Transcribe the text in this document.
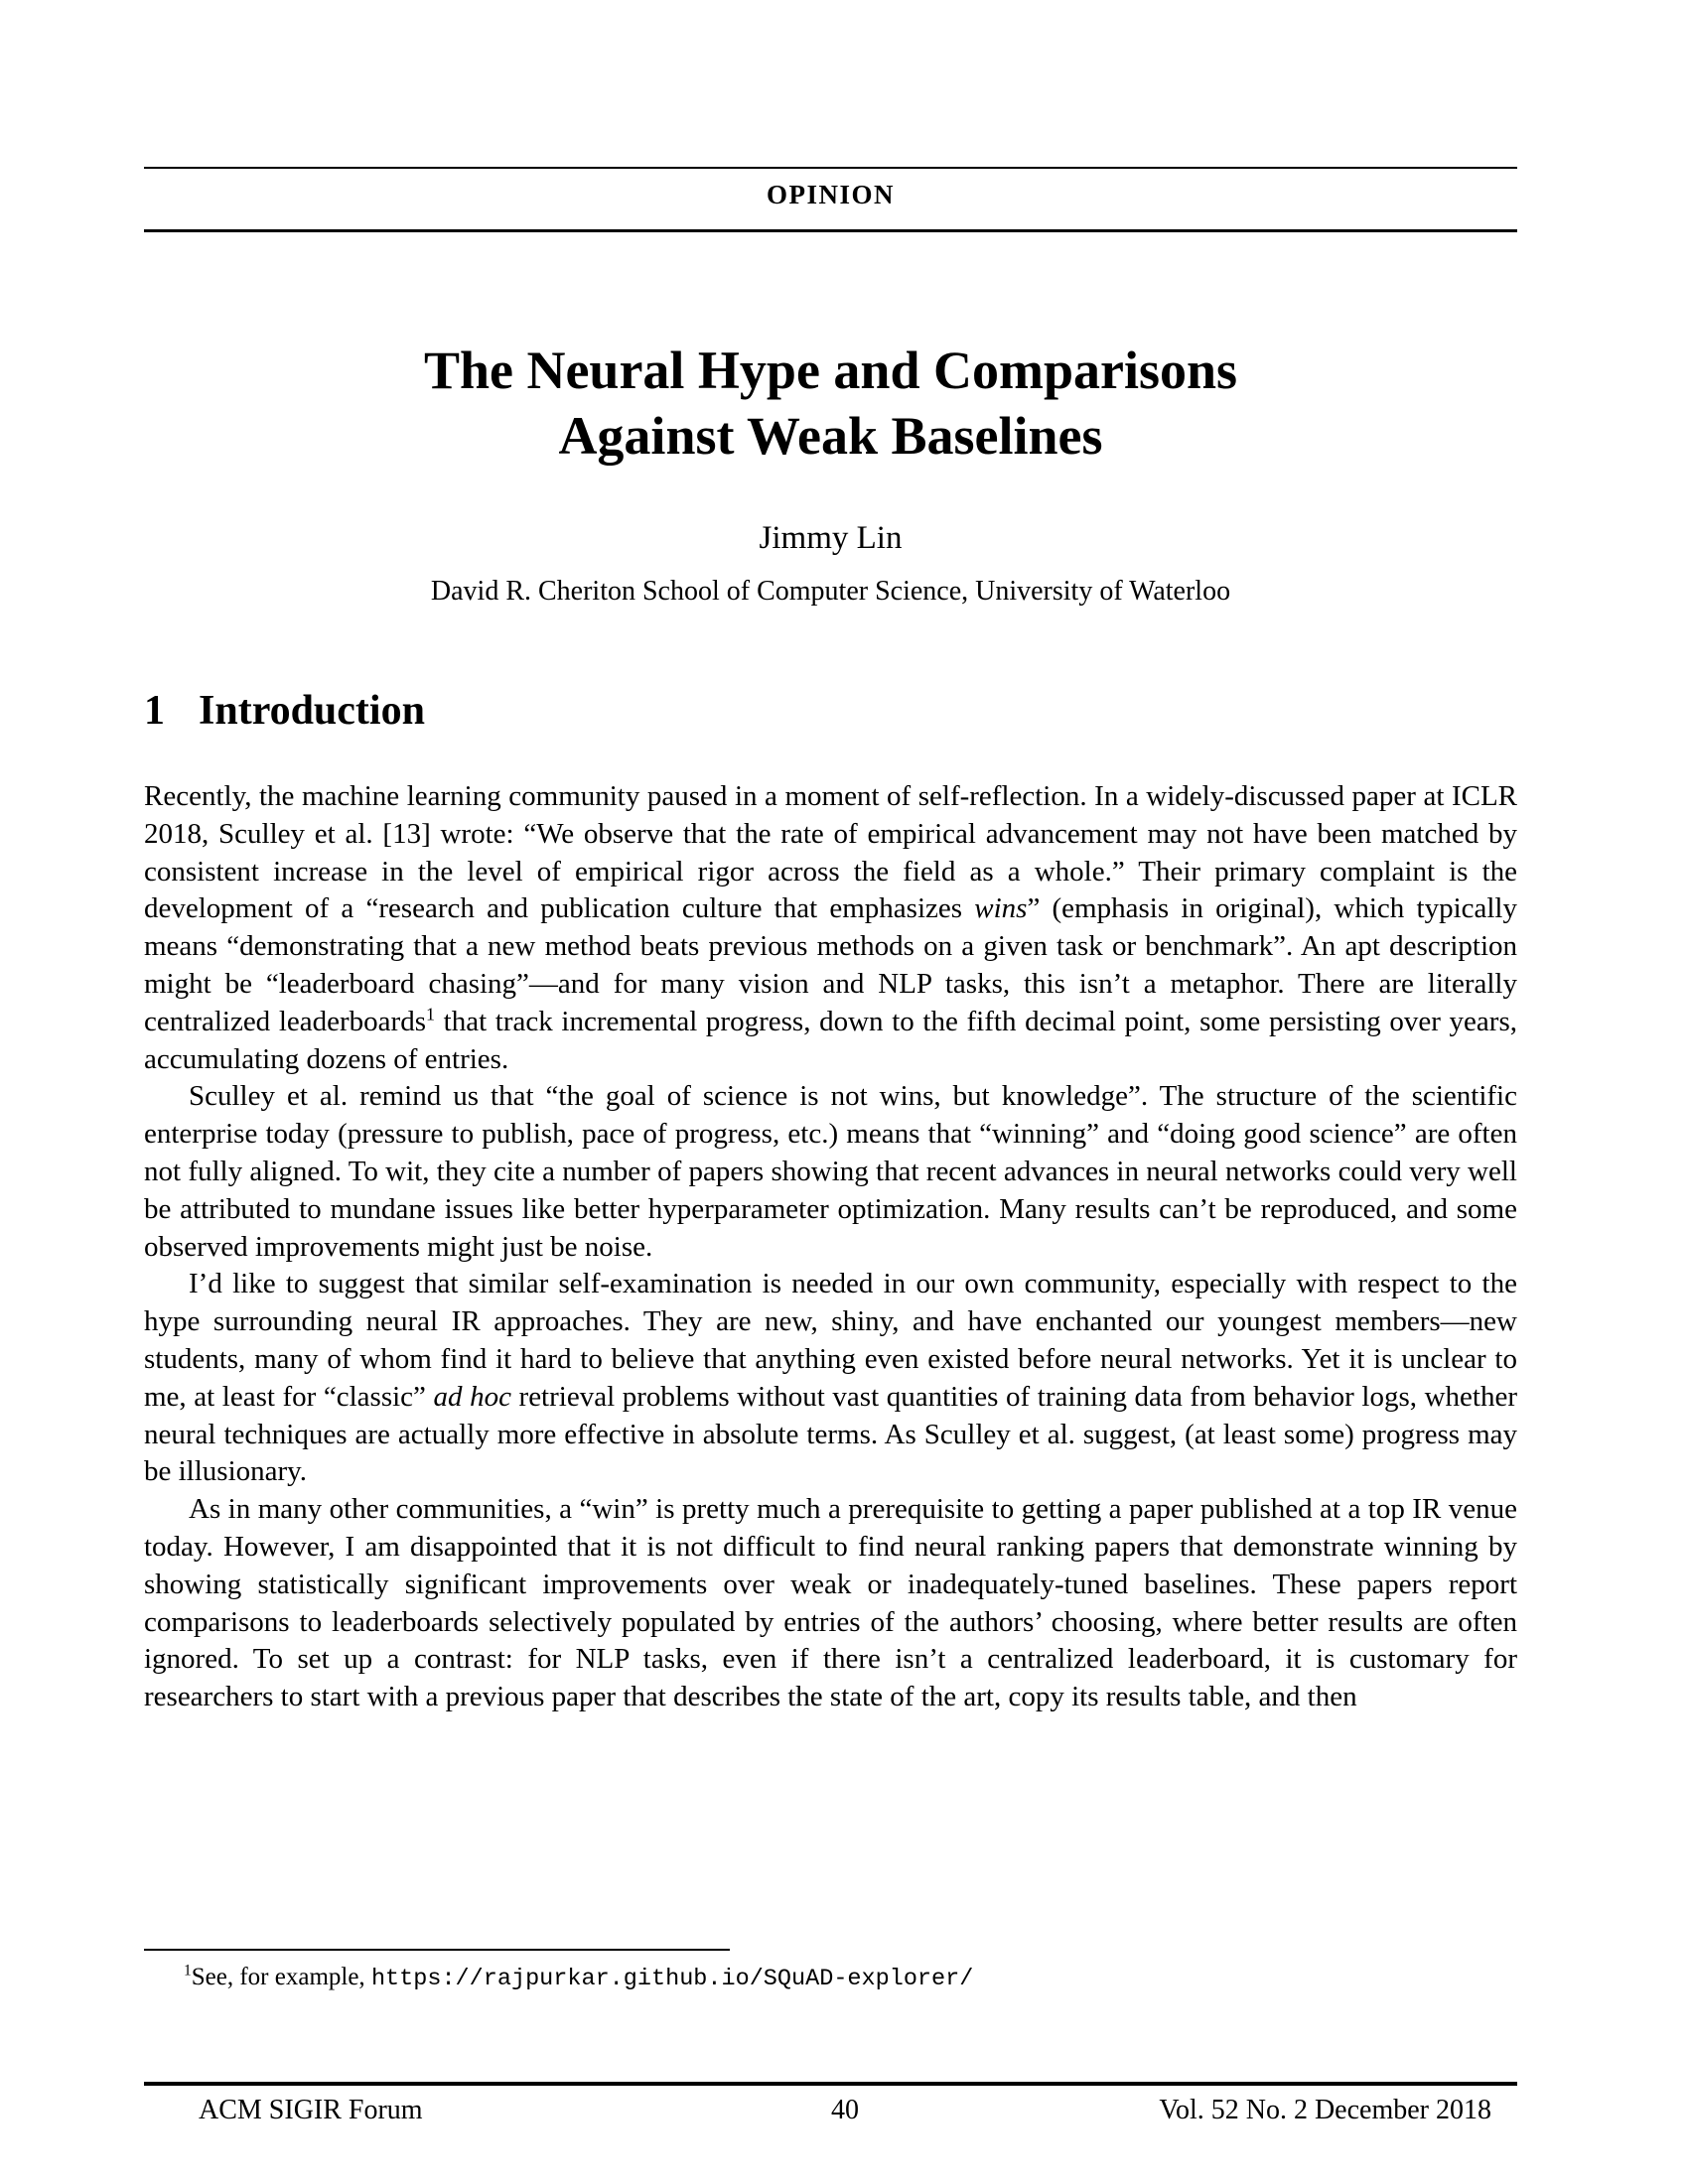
OPINION
The Neural Hype and Comparisons
Against Weak Baselines
Jimmy Lin
David R. Cheriton School of Computer Science, University of Waterloo
1 Introduction

Recently, the machine learning community paused in a moment of self-reflection. In a widely-discussed paper at ICLR 2018, Sculley et al. [13] wrote: “We observe that the rate of empirical advancement may not have been matched by consistent increase in the level of empirical rigor across the field as a whole.” Their primary complaint is the development of a “research and publication culture that emphasizes wins” (emphasis in original), which typically means “demonstrating that a new method beats previous methods on a given task or benchmark”. An apt description might be “leaderboard chasing”—and for many vision and NLP tasks, this isn’t a metaphor. There are literally centralized leaderboards$^1$ that track incremental progress, down to the fifth decimal point, some persisting over years, accumulating dozens of entries.

Sculley et al. remind us that “the goal of science is not wins, but knowledge”. The structure of the scientific enterprise today (pressure to publish, pace of progress, etc.) means that “winning” and “doing good science” are often not fully aligned. To wit, they cite a number of papers showing that recent advances in neural networks could very well be attributed to mundane issues like better hyperparameter optimization. Many results can’t be reproduced, and some observed improvements might just be noise.

I’d like to suggest that similar self-examination is needed in our own community, especially with respect to the hype surrounding neural IR approaches. They are new, shiny, and have enchanted our youngest members—new students, many of whom find it hard to believe that anything even existed before neural networks. Yet it is unclear to me, at least for “classic” ad hoc retrieval problems without vast quantities of training data from behavior logs, whether neural techniques are actually more effective in absolute terms. As Sculley et al. suggest, (at least some) progress may be illusionary.

As in many other communities, a “win” is pretty much a prerequisite to getting a paper published at a top IR venue today. However, I am disappointed that it is not difficult to find neural ranking papers that demonstrate winning by showing statistically significant improvements over weak or inadequately-tuned baselines. These papers report comparisons to leaderboards selectively populated by entries of the authors’ choosing, where better results are often ignored. To set up a contrast: for NLP tasks, even if there isn’t a centralized leaderboard, it is customary for researchers to start with a previous paper that describes the state of the art, copy its results table, and then

$^1$See, for example, https://rajpurkar.github.io/SQuAD-explorer/
ACM SIGIR Forum	40	Vol. 52 No. 2 December 2018
